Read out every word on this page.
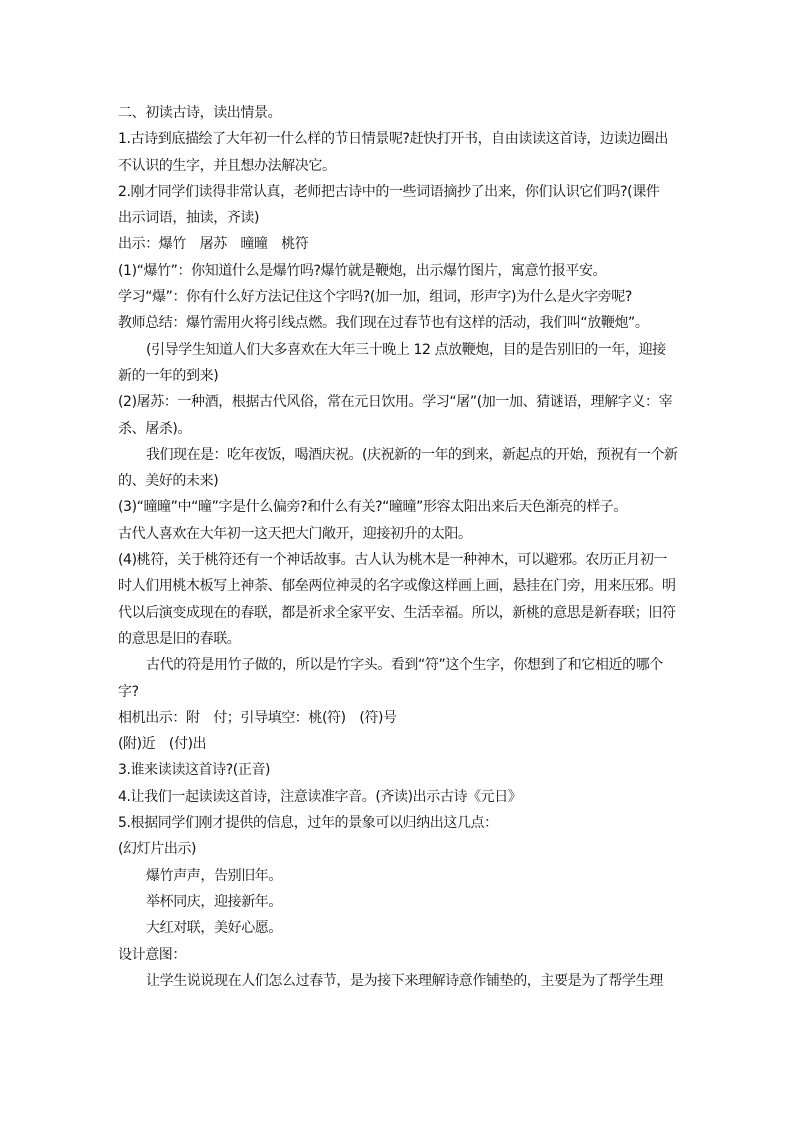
二、初读古诗，读出情景。
1.古诗到底描绘了大年初一什么样的节日情景呢?赶快打开书，自由读读这首诗，边读边圈出
不认识的生字，并且想办法解决它。
2.刚才同学们读得非常认真，老师把古诗中的一些词语摘抄了出来，你们认识它们吗?(课件
出示词语，抽读，齐读)
出示：爆竹　屠苏　曈曈　桃符
(1)“爆竹”：你知道什么是爆竹吗?爆竹就是鞭炮，出示爆竹图片，寓意竹报平安。
学习“爆”：你有什么好方法记住这个字吗?(加一加，组词，形声字)为什么是火字旁呢?
教师总结：爆竹需用火将引线点燃。我们现在过春节也有这样的活动，我们叫“放鞭炮”。
(引导学生知道人们大多喜欢在大年三十晚上 12 点放鞭炮，目的是告别旧的一年，迎接
新的一年的到来)
(2)屠苏：一种酒，根据古代风俗，常在元日饮用。学习“屠”(加一加、猜谜语，理解字义：宰
杀、屠杀)。
我们现在是：吃年夜饭，喝酒庆祝。(庆祝新的一年的到来，新起点的开始，预祝有一个新
的、美好的未来)
(3)“曈曈”中“曈”字是什么偏旁?和什么有关?“曈曈”形容太阳出来后天色渐亮的样子。
古代人喜欢在大年初一这天把大门敞开，迎接初升的太阳。
(4)桃符，关于桃符还有一个神话故事。古人认为桃木是一种神木，可以避邪。农历正月初一
时人们用桃木板写上神荼、郁垒两位神灵的名字或像这样画上画，悬挂在门旁，用来压邪。明
代以后演变成现在的春联，都是祈求全家平安、生活幸福。所以，新桃的意思是新春联；旧符
的意思是旧的春联。
古代的符是用竹子做的，所以是竹字头。看到“符”这个生字，你想到了和它相近的哪个
字?
相机出示：附　付；引导填空：桃(符)　(符)号
(附)近　(付)出
3.谁来读读这首诗?(正音)
4.让我们一起读读这首诗，注意读准字音。(齐读)出示古诗《元日》
5.根据同学们刚才提供的信息，过年的景象可以归纳出这几点：
(幻灯片出示)
爆竹声声，告别旧年。
举杯同庆，迎接新年。
大红对联，美好心愿。
设计意图：
让学生说说现在人们怎么过春节，是为接下来理解诗意作铺垫的，主要是为了帮学生理
